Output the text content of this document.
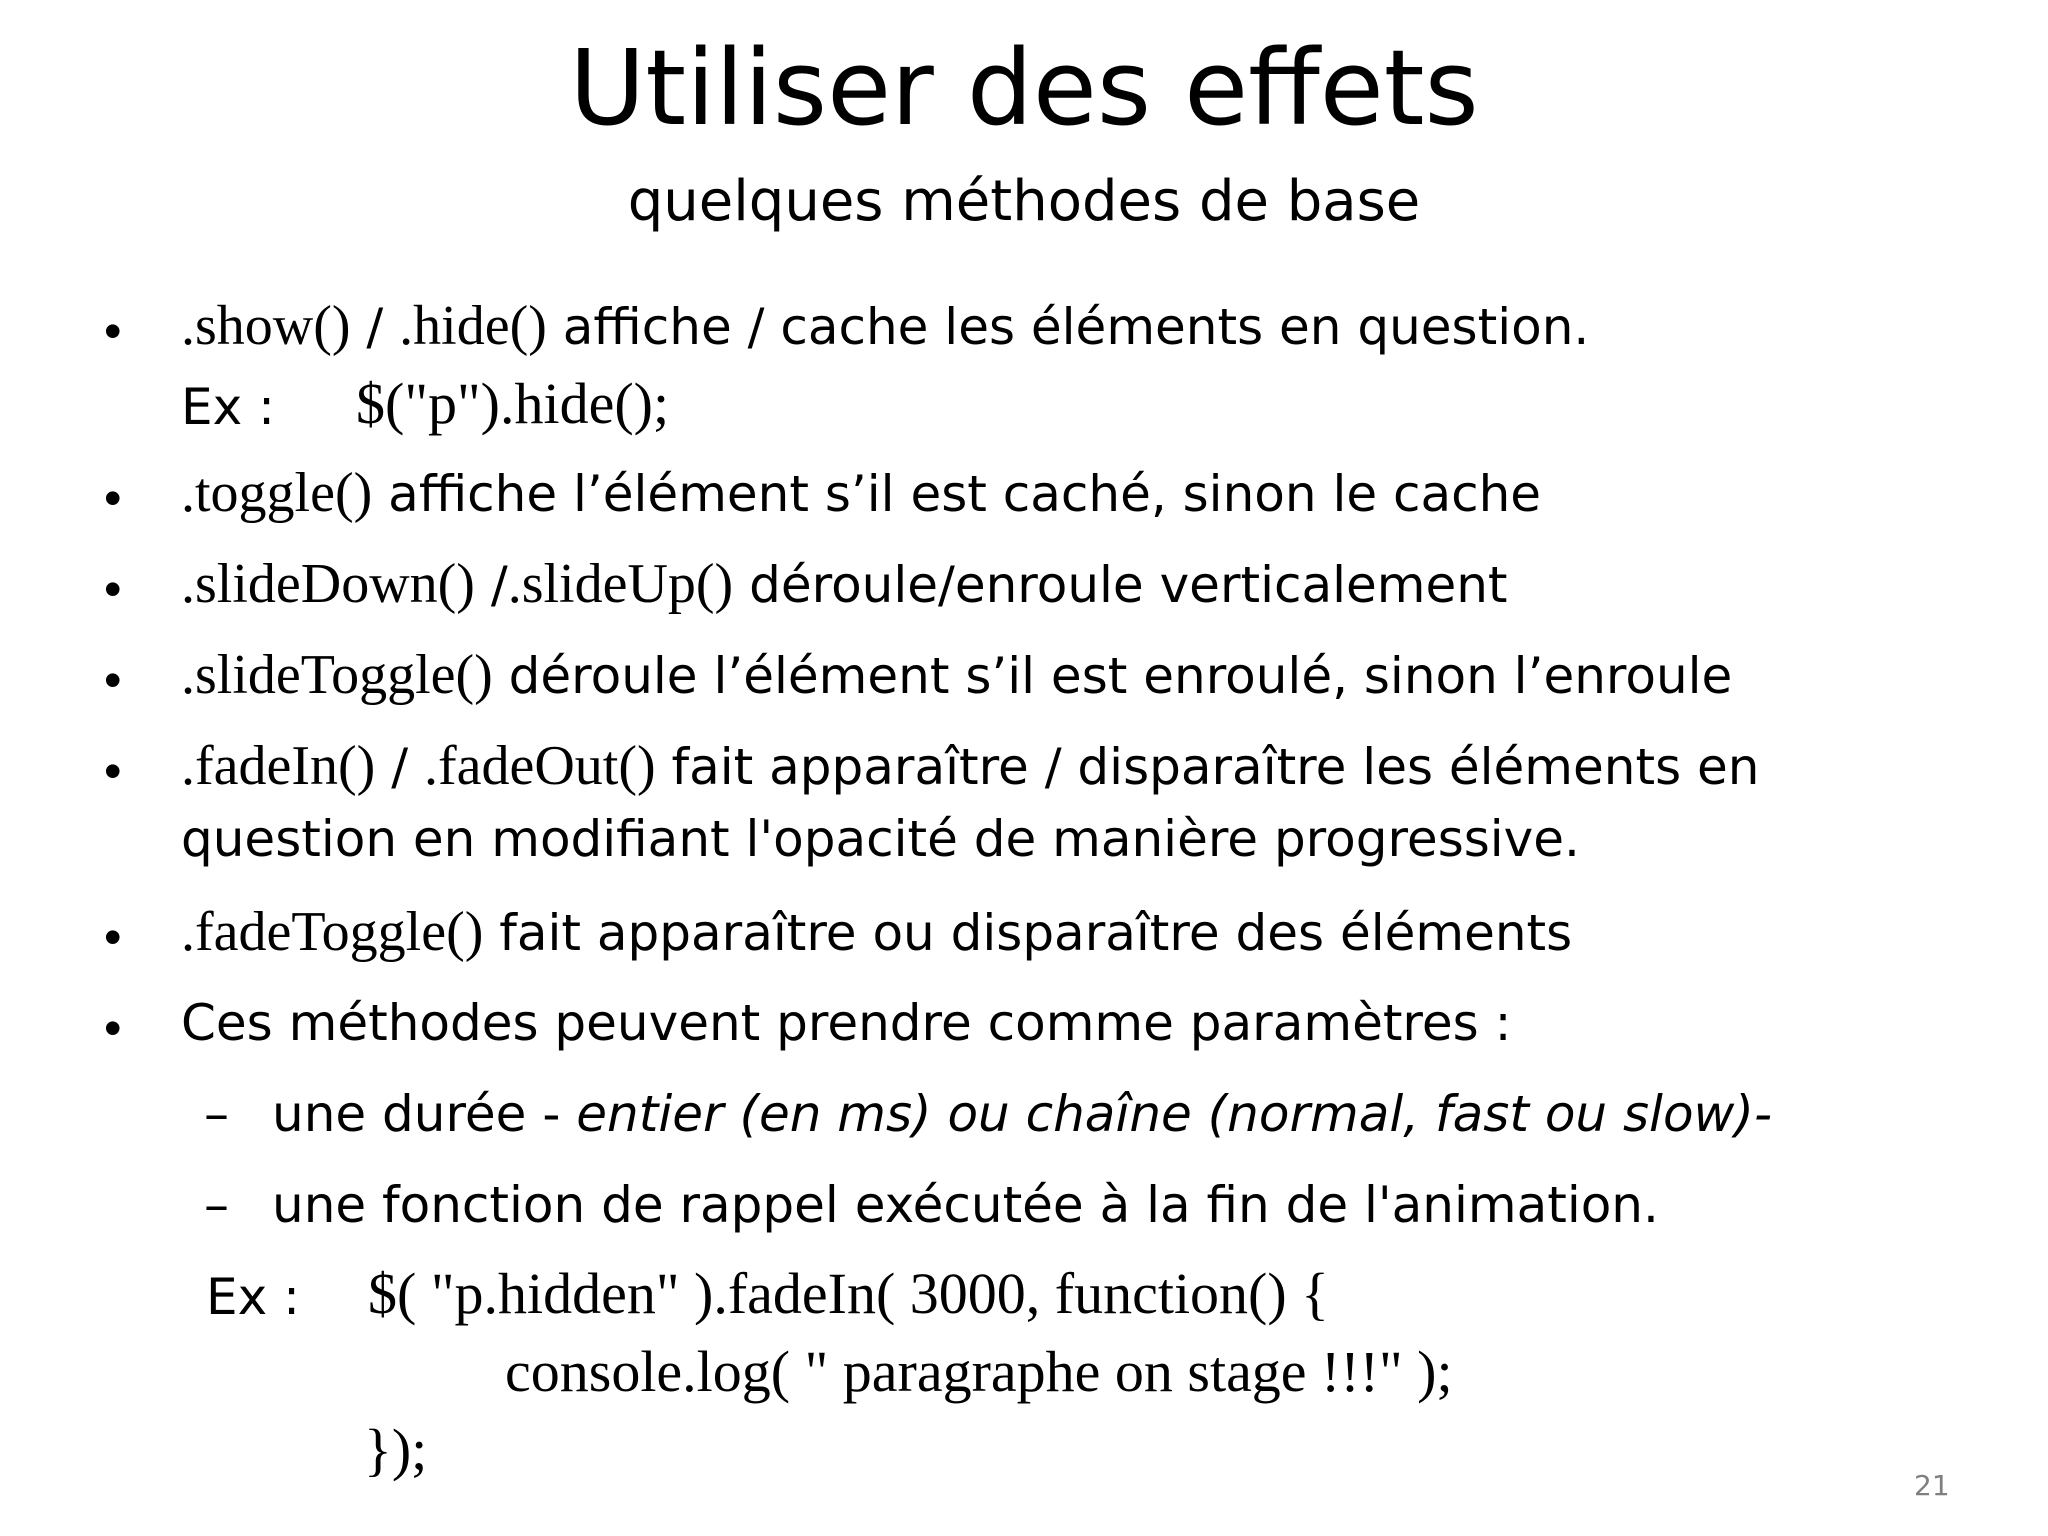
Utiliser des effets
quelques méthodes de base
• .show() / .hide() affiche / cache les éléments en question.
Ex : $("p").hide();
• .toggle() affiche l’élément s’il est caché, sinon le cache
• .slideDown() /.slideUp() déroule/enroule verticalement
• .slideToggle() déroule l’élément s’il est enroulé, sinon l’enroule
• .fadeIn() / .fadeOut() fait apparaître / disparaître les éléments en
question en modifiant l'opacité de manière progressive.
• .fadeToggle() fait apparaître ou disparaître des éléments
• Ces méthodes peuvent prendre comme paramètres :
– une durée - entier (en ms) ou chaîne (normal, fast ou slow)-
– une fonction de rappel exécutée à la fin de l'animation.
Ex : $( "p.hidden" ).fadeIn( 3000, function() {
console.log( " paragraphe on stage !!!" );
});
21
